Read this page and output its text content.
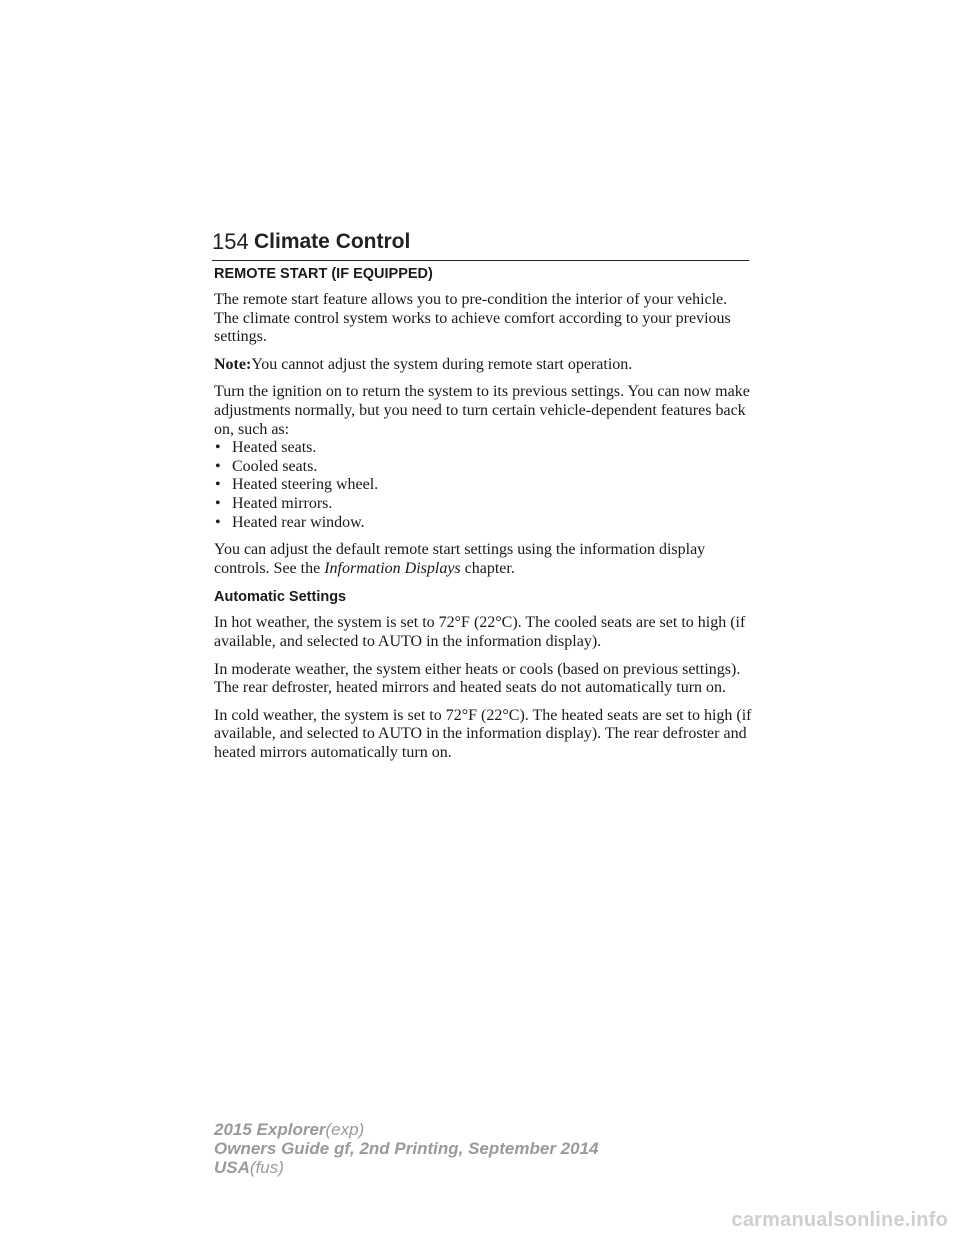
154 Climate Control
REMOTE START (IF EQUIPPED)

The remote start feature allows you to pre-condition the interior of your vehicle. The climate control system works to achieve comfort according to your previous settings.

Note:You cannot adjust the system during remote start operation.

Turn the ignition on to return the system to its previous settings. You can now make adjustments normally, but you need to turn certain vehicle-dependent features back on, such as:

• Heated seats.
• Cooled seats.
• Heated steering wheel.
• Heated mirrors.
• Heated rear window.

You can adjust the default remote start settings using the information display controls. See the Information Displays chapter.

Automatic Settings

In hot weather, the system is set to 72°F (22°C). The cooled seats are set to high (if available, and selected to AUTO in the information display).

In moderate weather, the system either heats or cools (based on previous settings). The rear defroster, heated mirrors and heated seats do not automatically turn on.

In cold weather, the system is set to 72°F (22°C). The heated seats are set to high (if available, and selected to AUTO in the information display). The rear defroster and heated mirrors automatically turn on.

2015 Explorer(exp)
Owners Guide gf, 2nd Printing, September 2014
USA(fus)
carmanualsonline.info
